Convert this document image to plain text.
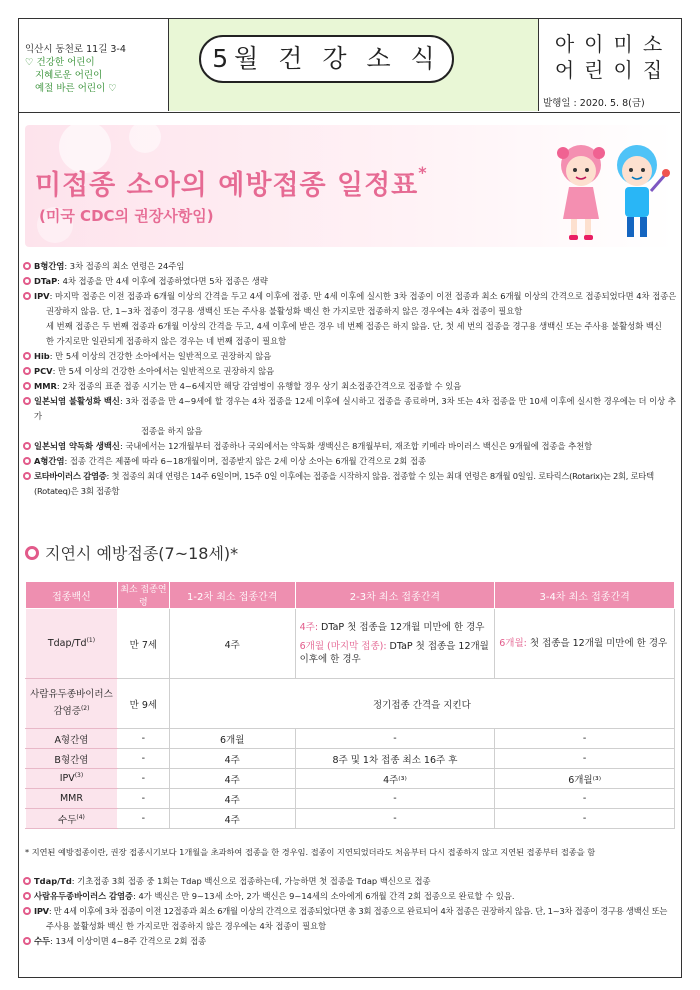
익산시 동천로 11길 3-4
♡ 건강한 어린이
지혜로운 어린이
예절 바른 어린이 ♡
5월 건 강 소 식	아이미소
어린이집
발행일 : 2020. 5. 8(금)
미접종 소아의 예방접종 일정표*
(미국 CDC의 권장사항임)
B형간염: 3차 접종의 최소 연령은 24주임
DTaP: 4차 접종을 만 4세 이후에 접종하였다면 5차 접종은 생략
IPV: 마지막 접종은 이전 접종과 6개월 이상의 간격을 두고 4세 이후에 접종. 만 4세 이후에 실시한 3차 접종이 이전 접종과 최소 6개월 이상의 간격으로 접종되었다면 4차 접종은
권장하지 않음. 단, 1~3차 접종이 경구용 생백신 또는 주사용 불활성화 백신 한 가지로만 접종하지 않은 경우에는 4차 접종이 필요함
세 번째 접종은 두 번째 접종과 6개월 이상의 간격을 두고, 4세 이후에 받은 경우 네 번째 접종은 하지 않음. 단, 첫 세 번의 접종을 경구용 생백신 또는 주사용 불활성화 백신
한 가지로만 일관되게 접종하지 않은 경우는 네 번째 접종이 필요함
Hib: 만 5세 이상의 건강한 소아에서는 일반적으로 권장하지 않음
PCV: 만 5세 이상의 건강한 소아에서는 일반적으로 권장하지 않음
MMR: 2차 접종의 표준 접종 시기는 만 4~6세지만 해당 감염병이 유행할 경우 상기 최소접종간격으로 접종할 수 있음
일본뇌염 불활성화 백신: 3차 접종을 만 4~9세에 할 경우는 4차 접종을 12세 이후에 실시하고 접종을 종료하며, 3차 또는 4차 접종을 만 10세 이후에 실시한 경우에는 더 이상 추가
접종을 하지 않음
일본뇌염 약독화 생백신: 국내에서는 12개월부터 접종하나 국외에서는 약독화 생백신은 8개월부터, 재조합 키메라 바이러스 백신은 9개월에 접종을 추천함
A형간염: 접종 간격은 제품에 따라 6~18개월이며, 접종받지 않은 2세 이상 소아는 6개월 간격으로 2회 접종
로타바이러스 감염증: 첫 접종의 최대 연령은 14주 6일이며, 15주 0일 이후에는 접종을 시작하지 않음. 접종할 수 있는 최대 연령은 8개월 0일임. 로타릭스(Rotarix)는 2회, 로타텍(Rotateq)은 3회 접종함
지연시 예방접종(7~18세)*
접종백신	최소 접종연령	1-2차 최소 접종간격	2-3차 최소 접종간격	3-4차 최소 접종간격
Tdap/Td$^{(1)}$	만 7세	4주	4주: DTaP 첫 접종을 12개월 미만에 한 경우
6개월 (마지막 접종): DTaP 첫 접종을 12개월 이후에 한 경우	6개월: 첫 접종을 12개월 미만에 한 경우
사람유두종바이러스 감염증$^{(2)}$	만 9세	정기접종 간격을 지킨다		
A형간염	-	6개월	-	-
B형간염	-	4주	8주 및 1차 접종 최소 16주 후	-
IPV$^{(3)}$	-	4주	4주⁽³⁾	6개월⁽³⁾
MMR	-	4주	-	-
수두$^{(4)}$	-	4주	-	-
* 지연된 예방접종이란, 권장 접종시기보다 1개월을 초과하여 접종을 한 경우임. 접종이 지연되었더라도 처음부터 다시 접종하지 않고 지연된 접종부터 접종을 함
Tdap/Td: 기초접종 3회 접종 중 1회는 Tdap 백신으로 접종하는데, 가능하면 첫 접종을 Tdap 백신으로 접종
사람유두종바이러스 감염증: 4가 백신은 만 9~13세 소아, 2가 백신은 9~14세의 소아에게 6개월 간격 2회 접종으로 완료할 수 있음.
IPV: 만 4세 이후에 3차 접종이 이전 12접종과 최소 6개월 이상의 간격으로 접종되었다면 총 3회 접종으로 완료되어 4차 접종은 권장하지 않음. 단, 1~3차 접종이 경구용 생백신 또는
주사용 불활성화 백신 한 가지로만 접종하지 않은 경우에는 4차 접종이 필요함
수두: 13세 이상이면 4~8주 간격으로 2회 접종
